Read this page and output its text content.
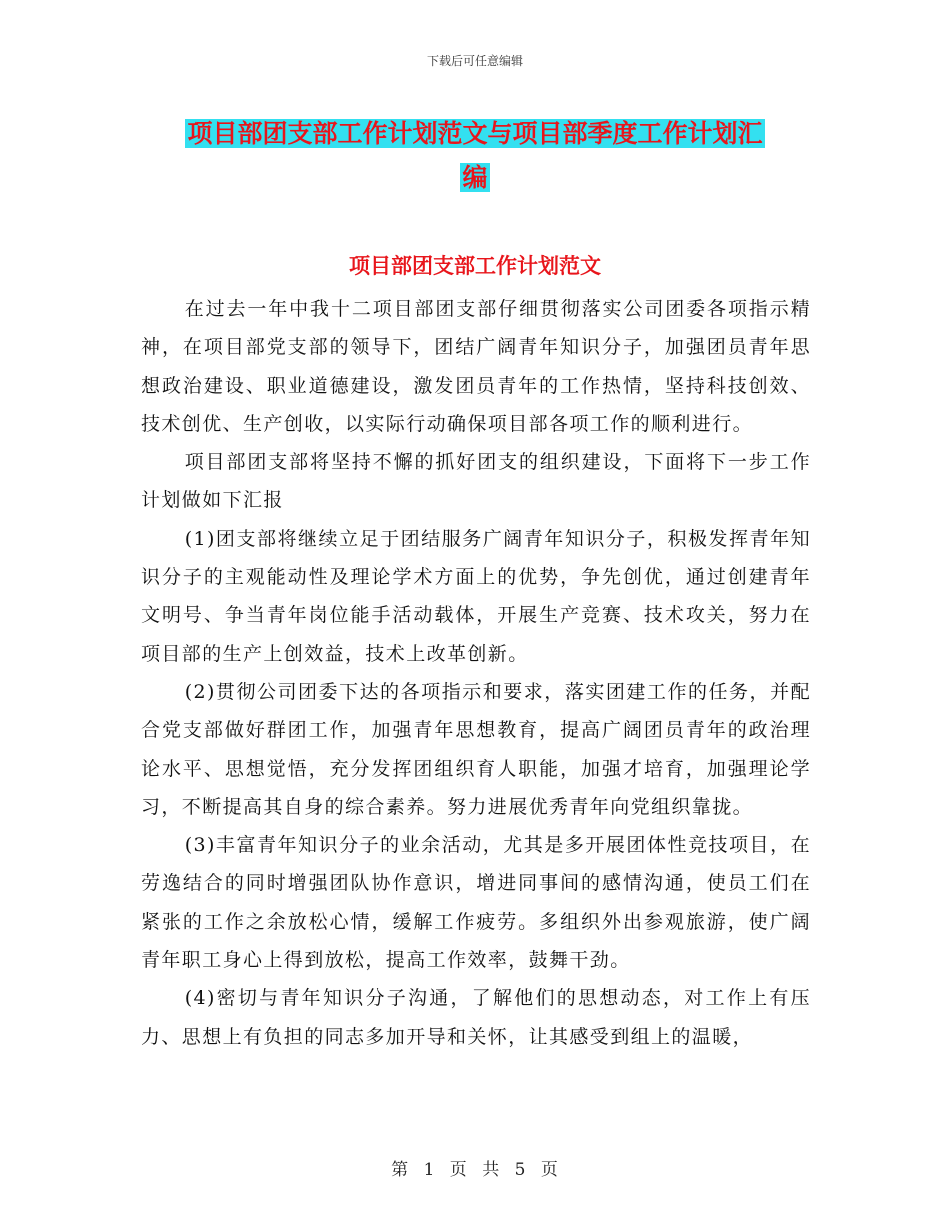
下载后可任意编辑
项目部团支部工作计划范文与项目部季度工作计划汇
编
项目部团支部工作计划范文

在过去一年中我十二项目部团支部仔细贯彻落实公司团委各项指示精神，在项目部党支部的领导下，团结广阔青年知识分子，加强团员青年思想政治建设、职业道德建设，激发团员青年的工作热情，坚持科技创效、技术创优、生产创收，以实际行动确保项目部各项工作的顺利进行。

项目部团支部将坚持不懈的抓好团支的组织建设，下面将下一步工作计划做如下汇报

(1)团支部将继续立足于团结服务广阔青年知识分子，积极发挥青年知识分子的主观能动性及理论学术方面上的优势，争先创优，通过创建青年文明号、争当青年岗位能手活动载体，开展生产竞赛、技术攻关，努力在项目部的生产上创效益，技术上改革创新。

(2)贯彻公司团委下达的各项指示和要求，落实团建工作的任务，并配合党支部做好群团工作，加强青年思想教育，提高广阔团员青年的政治理论水平、思想觉悟，充分发挥团组织育人职能，加强才培育，加强理论学习，不断提高其自身的综合素养。努力进展优秀青年向党组织靠拢。

(3)丰富青年知识分子的业余活动，尤其是多开展团体性竞技项目，在劳逸结合的同时增强团队协作意识，增进同事间的感情沟通，使员工们在紧张的工作之余放松心情，缓解工作疲劳。多组织外出参观旅游，使广阔青年职工身心上得到放松，提高工作效率，鼓舞干劲。

(4)密切与青年知识分子沟通，了解他们的思想动态，对工作上有压力、思想上有负担的同志多加开导和关怀，让其感受到组上的温暖，

第 1 页 共 5 页
